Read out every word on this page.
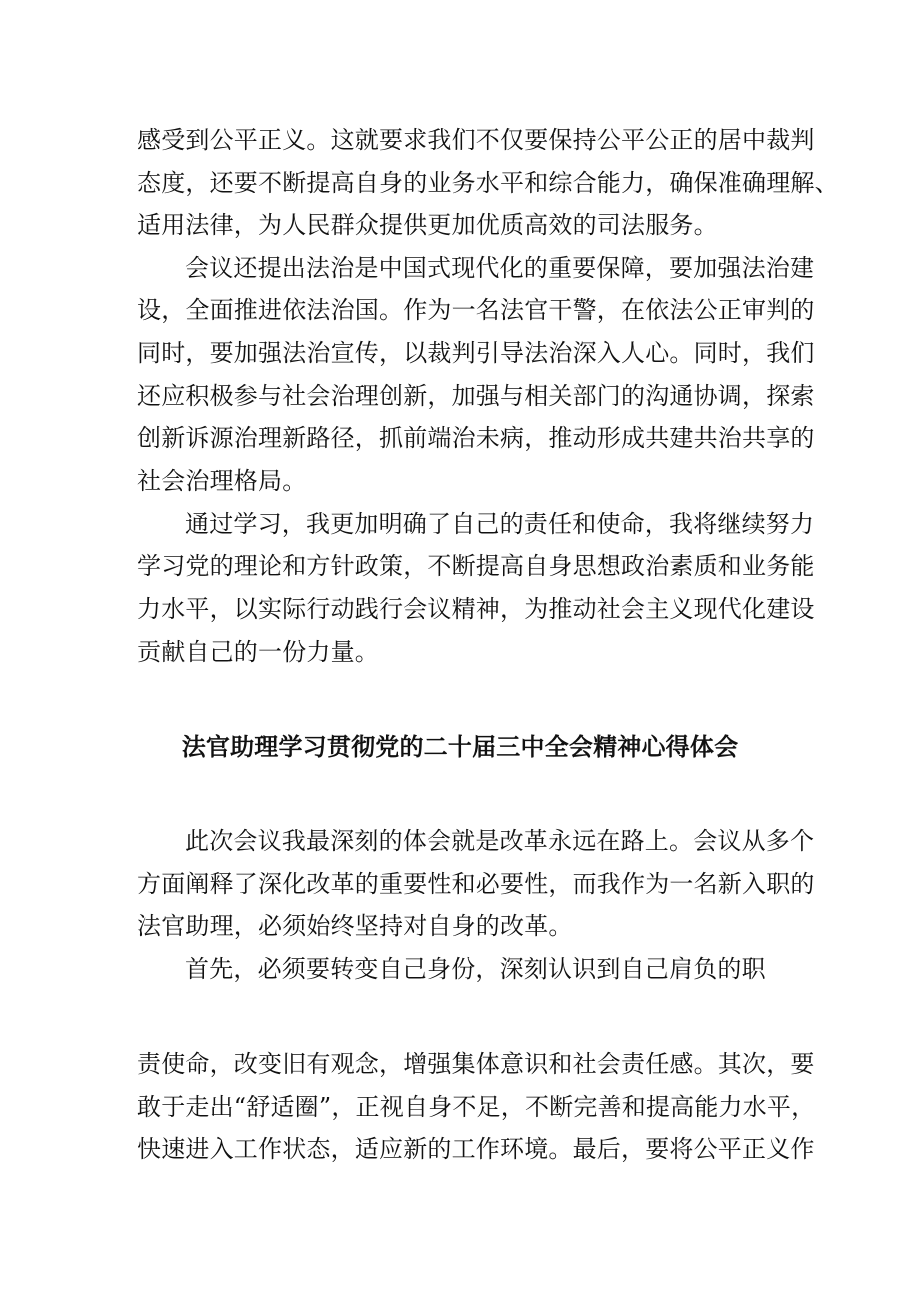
感受到公平正义。这就要求我们不仅要保持公平公正的居中裁判
态度，还要不断提高自身的业务水平和综合能力，确保准确理解、
适用法律，为人民群众提供更加优质高效的司法服务。
会议还提出法治是中国式现代化的重要保障，要加强法治建
设，全面推进依法治国。作为一名法官干警，在依法公正审判的
同时，要加强法治宣传，以裁判引导法治深入人心。同时，我们
还应积极参与社会治理创新，加强与相关部门的沟通协调，探索
创新诉源治理新路径，抓前端治未病，推动形成共建共治共享的
社会治理格局。
通过学习，我更加明确了自己的责任和使命，我将继续努力
学习党的理论和方针政策，不断提高自身思想政治素质和业务能
力水平，以实际行动践行会议精神，为推动社会主义现代化建设
贡献自己的一份力量。
法官助理学习贯彻党的二十届三中全会精神心得体会
此次会议我最深刻的体会就是改革永远在路上。会议从多个
方面阐释了深化改革的重要性和必要性，而我作为一名新入职的
法官助理，必须始终坚持对自身的改革。
首先，必须要转变自己身份，深刻认识到自己肩负的职
责使命，改变旧有观念，增强集体意识和社会责任感。其次，要
敢于走出“舒适圈”，正视自身不足，不断完善和提高能力水平，
快速进入工作状态，适应新的工作环境。最后，要将公平正义作
